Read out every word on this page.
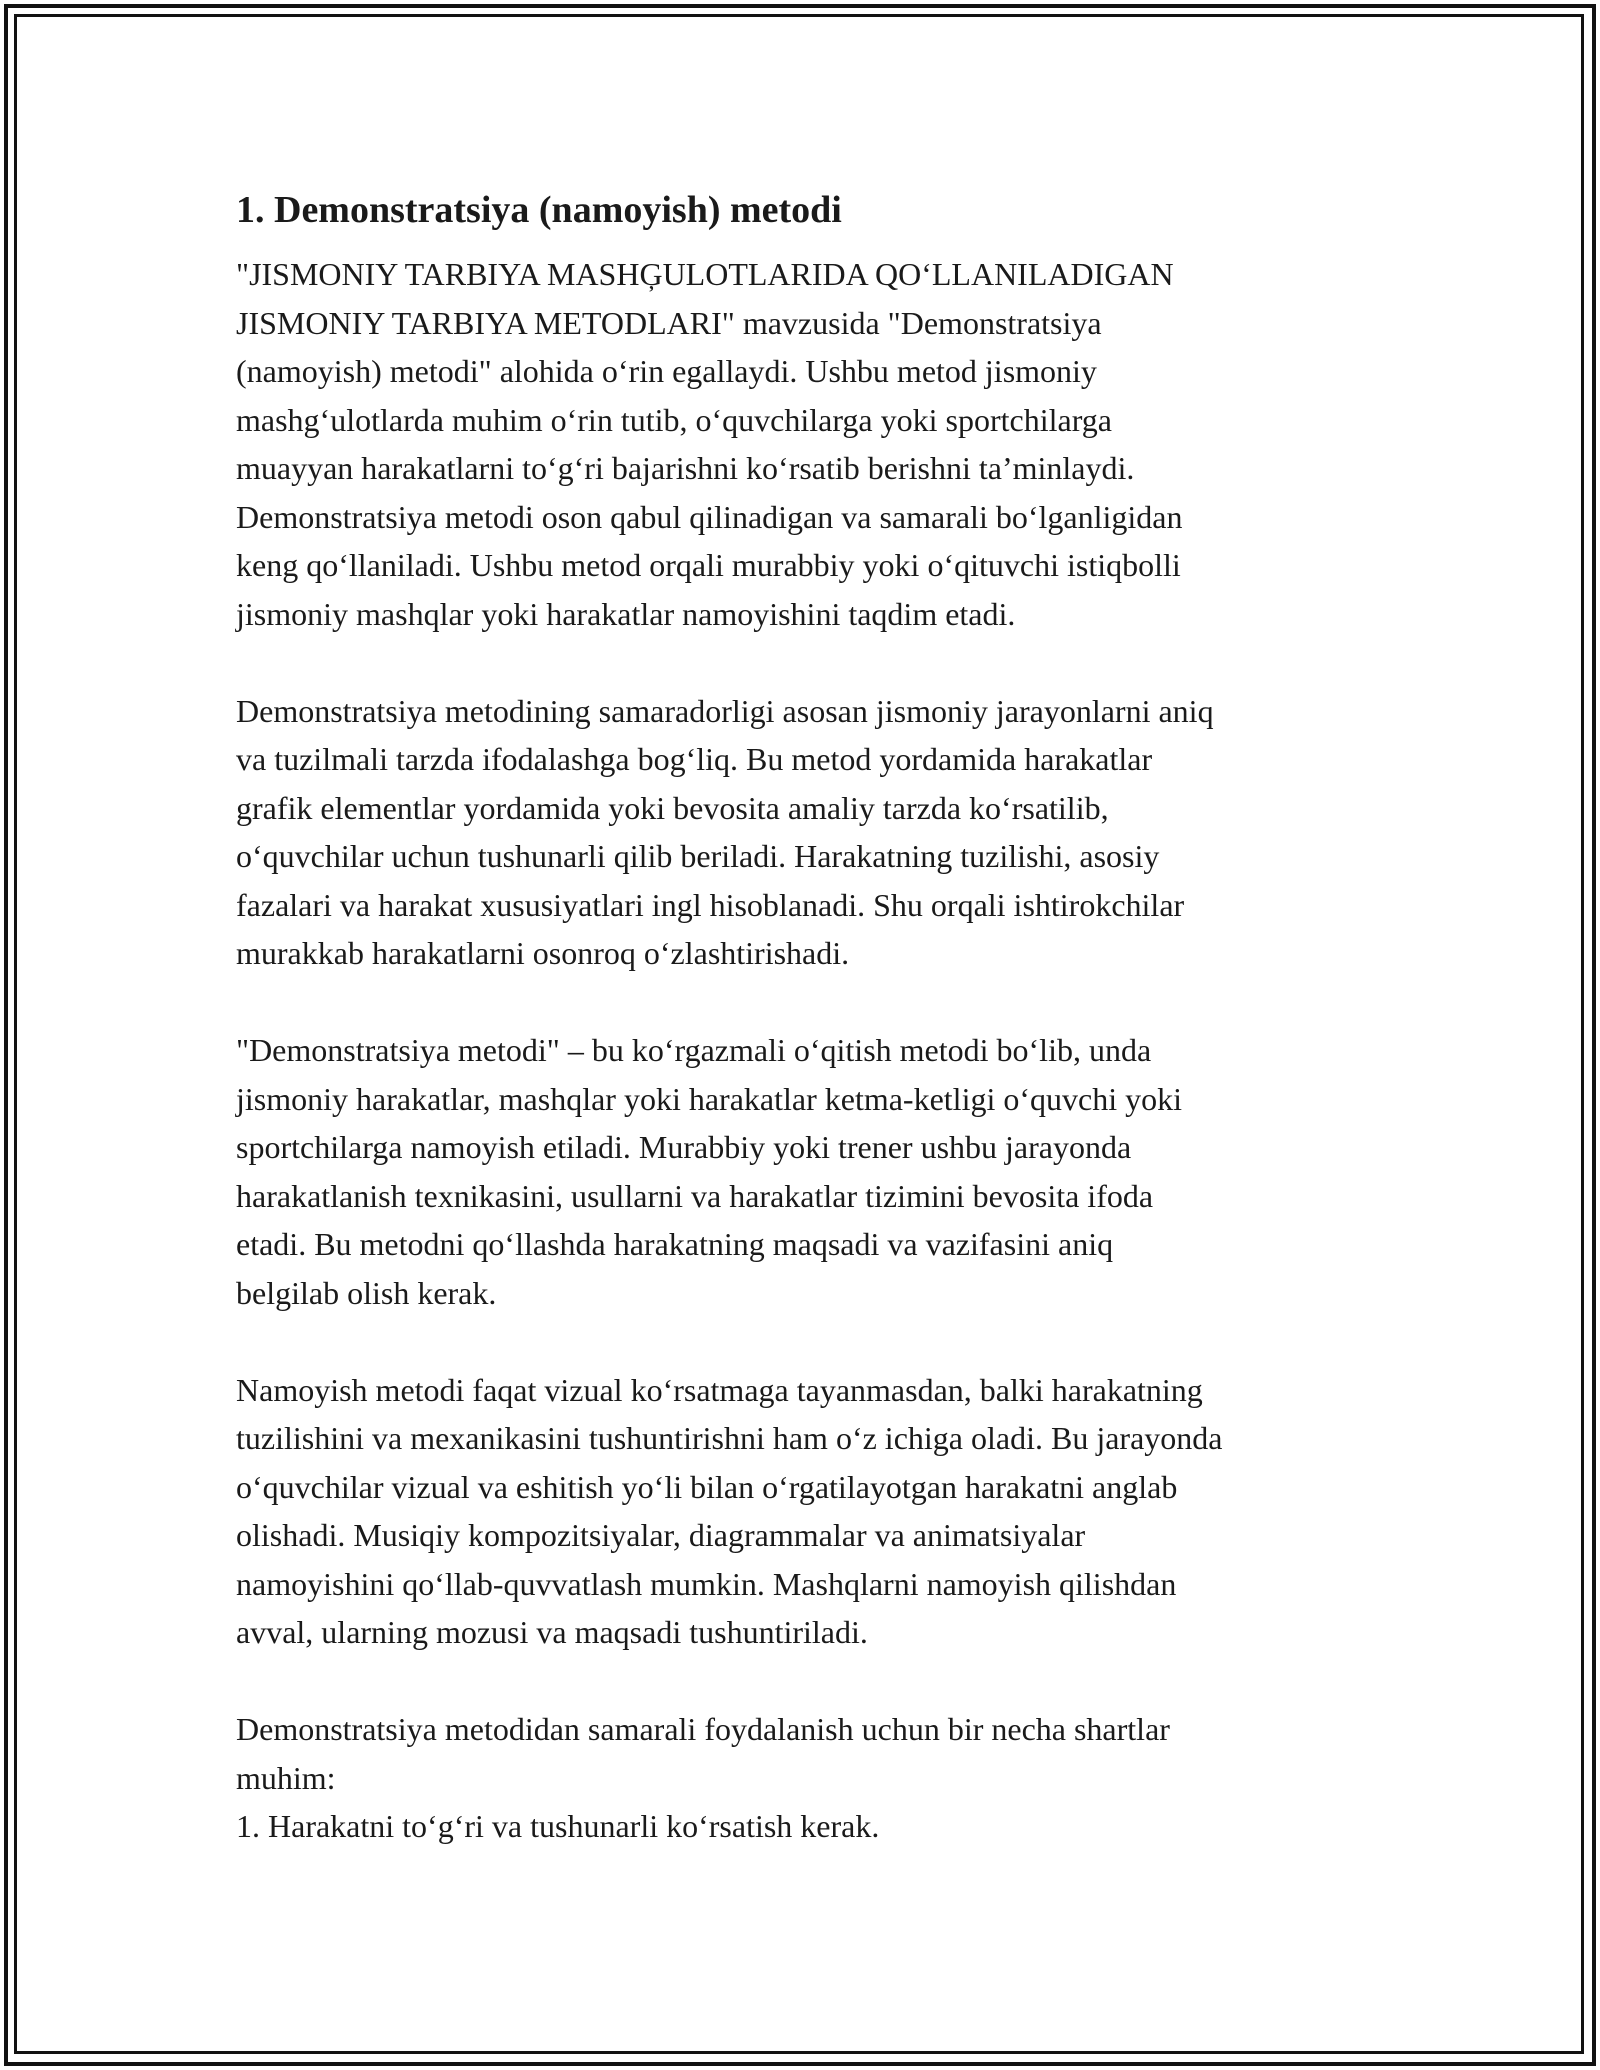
1. Demonstratsiya (namoyish) metodi
"JISMONIY TARBIYA MASHĢULOTLARIDA QO‘LLANILADIGAN
JISMONIY TARBIYA METODLARI" mavzusida "Demonstratsiya
(namoyish) metodi" alohida o‘rin egallaydi. Ushbu metod jismoniy
mashg‘ulotlarda muhim o‘rin tutib, o‘quvchilarga yoki sportchilarga
muayyan harakatlarni to‘g‘ri bajarishni ko‘rsatib berishni ta’minlaydi.
Demonstratsiya metodi oson qabul qilinadigan va samarali bo‘lganligidan
keng qo‘llaniladi. Ushbu metod orqali murabbiy yoki o‘qituvchi istiqbolli
jismoniy mashqlar yoki harakatlar namoyishini taqdim etadi.
Demonstratsiya metodining samaradorligi asosan jismoniy jarayonlarni aniq
va tuzilmali tarzda ifodalashga bog‘liq. Bu metod yordamida harakatlar
grafik elementlar yordamida yoki bevosita amaliy tarzda ko‘rsatilib,
o‘quvchilar uchun tushunarli qilib beriladi. Harakatning tuzilishi, asosiy
fazalari va harakat xususiyatlari ingl hisoblanadi. Shu orqali ishtirokchilar
murakkab harakatlarni osonroq o‘zlashtirishadi.
"Demonstratsiya metodi" – bu ko‘rgazmali o‘qitish metodi bo‘lib, unda
jismoniy harakatlar, mashqlar yoki harakatlar ketma-ketligi o‘quvchi yoki
sportchilarga namoyish etiladi. Murabbiy yoki trener ushbu jarayonda
harakatlanish texnikasini, usullarni va harakatlar tizimini bevosita ifoda
etadi. Bu metodni qo‘llashda harakatning maqsadi va vazifasini aniq
belgilab olish kerak.
Namoyish metodi faqat vizual ko‘rsatmaga tayanmasdan, balki harakatning
tuzilishini va mexanikasini tushuntirishni ham o‘z ichiga oladi. Bu jarayonda
o‘quvchilar vizual va eshitish yo‘li bilan o‘rgatilayotgan harakatni anglab
olishadi. Musiqiy kompozitsiyalar, diagrammalar va animatsiyalar
namoyishini qo‘llab-quvvatlash mumkin. Mashqlarni namoyish qilishdan
avval, ularning mozusi va maqsadi tushuntiriladi.
Demonstratsiya metodidan samarali foydalanish uchun bir necha shartlar
muhim:
1. Harakatni to‘g‘ri va tushunarli ko‘rsatish kerak.
